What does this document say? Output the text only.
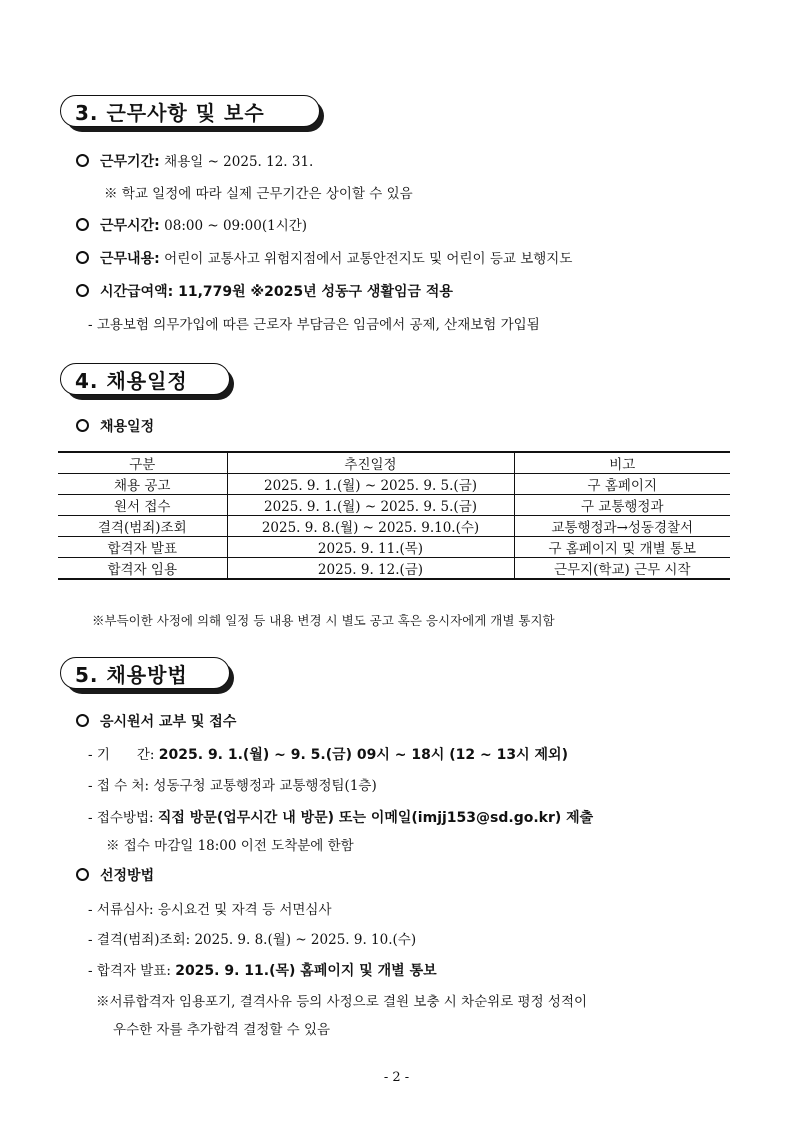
3. 근무사항 및 보수
근무기간: 채용일 ~ 2025. 12. 31.
※ 학교 일정에 따라 실제 근무기간은 상이할 수 있음
근무시간: 08:00 ~ 09:00(1시간)
근무내용: 어린이 교통사고 위험지점에서 교통안전지도 및 어린이 등교 보행지도
시간급여액: 11,779원 ※2025년 성동구 생활임금 적용
- 고용보험 의무가입에 따른 근로자 부담금은 임금에서 공제, 산재보험 가입됨
4. 채용일정
채용일정
구분	추진일정	비고
채용 공고	2025. 9. 1.(월) ~ 2025. 9. 5.(금)	구 홈페이지
원서 접수	2025. 9. 1.(월) ~ 2025. 9. 5.(금)	구 교통행정과
결격(범죄)조회	2025. 9. 8.(월) ~ 2025. 9.10.(수)	교통행정과→성동경찰서
합격자 발표	2025. 9. 11.(목)	구 홈페이지 및 개별 통보
합격자 임용	2025. 9. 12.(금)	근무지(학교) 근무 시작
※부득이한 사정에 의해 일정 등 내용 변경 시 별도 공고 혹은 응시자에게 개별 통지함
5. 채용방법
응시원서 교부 및 접수
- 기　　간: 2025. 9. 1.(월) ~ 9. 5.(금) 09시 ~ 18시 (12 ~ 13시 제외)
- 접 수 처: 성동구청 교통행정과 교통행정팀(1층)
- 접수방법: 직접 방문(업무시간 내 방문) 또는 이메일(imjj153@sd.go.kr) 제출
※ 접수 마감일 18:00 이전 도착분에 한함
선정방법
- 서류심사: 응시요건 및 자격 등 서면심사
- 결격(범죄)조회: 2025. 9. 8.(월) ~ 2025. 9. 10.(수)
- 합격자 발표: 2025. 9. 11.(목) 홈페이지 및 개별 통보
※서류합격자 임용포기, 결격사유 등의 사정으로 결원 보충 시 차순위로 평정 성적이
우수한 자를 추가합격 결정할 수 있음
- 2 -
